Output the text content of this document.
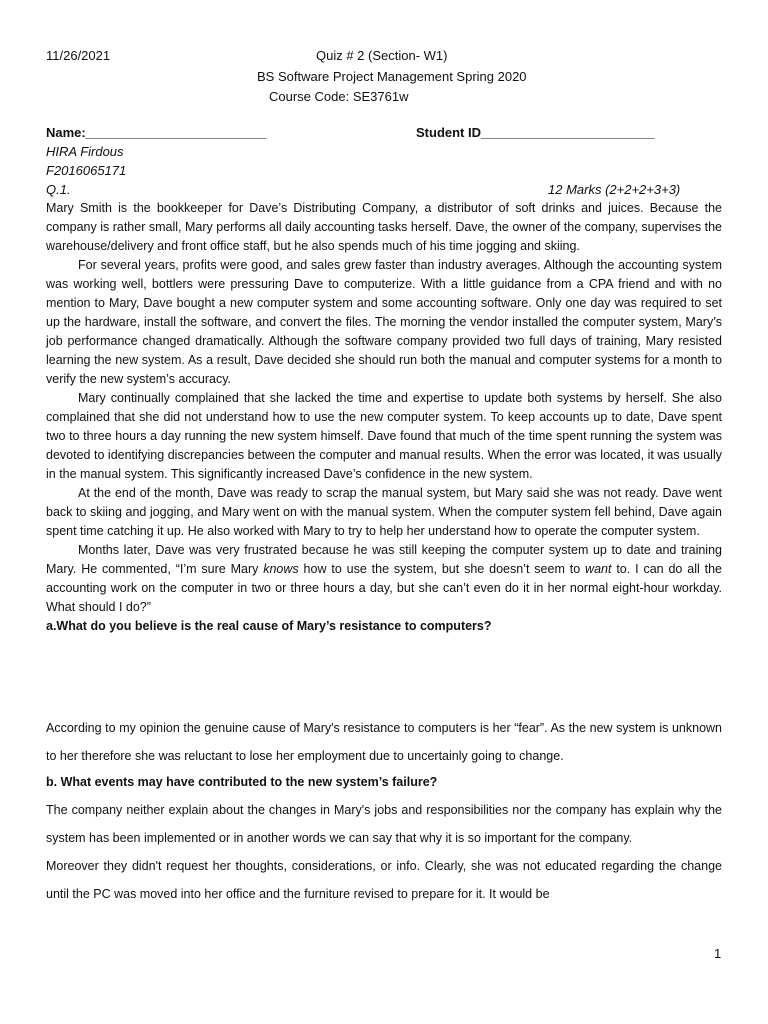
11/26/2021	Quiz # 2 (Section- W1)
BS Software Project Management Spring 2020
Course Code: SE3761w
Name:_________________________	Student ID________________________
HIRA Firdous
F2016065171
Q.1.	12 Marks (2+2+2+3+3)

Mary Smith is the bookkeeper for Dave’s Distributing Company, a distributor of soft drinks and juices. Because the company is rather small, Mary performs all daily accounting tasks herself. Dave, the owner of the company, supervises the warehouse/delivery and front office staff, but he also spends much of his time jogging and skiing.

For several years, profits were good, and sales grew faster than industry averages. Although the accounting system was working well, bottlers were pressuring Dave to computerize. With a little guidance from a CPA friend and with no mention to Mary, Dave bought a new computer system and some accounting software. Only one day was required to set up the hardware, install the software, and convert the files. The morning the vendor installed the computer system, Mary’s job performance changed dramatically. Although the software company provided two full days of training, Mary resisted learning the new system. As a result, Dave decided she should run both the manual and computer systems for a month to verify the new system’s accuracy.

Mary continually complained that she lacked the time and expertise to update both systems by herself. She also complained that she did not understand how to use the new computer system. To keep accounts up to date, Dave spent two to three hours a day running the new system himself. Dave found that much of the time spent running the system was devoted to identifying discrepancies between the computer and manual results. When the error was located, it was usually in the manual system. This significantly increased Dave’s confidence in the new system.

At the end of the month, Dave was ready to scrap the manual system, but Mary said she was not ready. Dave went back to skiing and jogging, and Mary went on with the manual system. When the computer system fell behind, Dave again spent time catching it up. He also worked with Mary to try to help her understand how to operate the computer system.

Months later, Dave was very frustrated because he was still keeping the computer system up to date and training Mary. He commented, “I’m sure Mary knows how to use the system, but she doesn’t seem to want to. I can do all the accounting work on the computer in two or three hours a day, but she can’t even do it in her normal eight-hour workday. What should I do?”

a.What do you believe is the real cause of Mary’s resistance to computers?

According to my opinion the genuine cause of Mary's resistance to computers is her “fear”. As the new system is unknown to her therefore she was reluctant to lose her employment due to uncertainly going to change.

b. What events may have contributed to the new system’s failure?

The company neither explain about the changes in Mary's jobs and responsibilities nor the company has explain why the system has been implemented or in another words we can say that why it is so important for the company.

Moreover they didn't request her thoughts, considerations, or info. Clearly, she was not educated regarding the change until the PC was moved into her office and the furniture revised to prepare for it. It would be

1
